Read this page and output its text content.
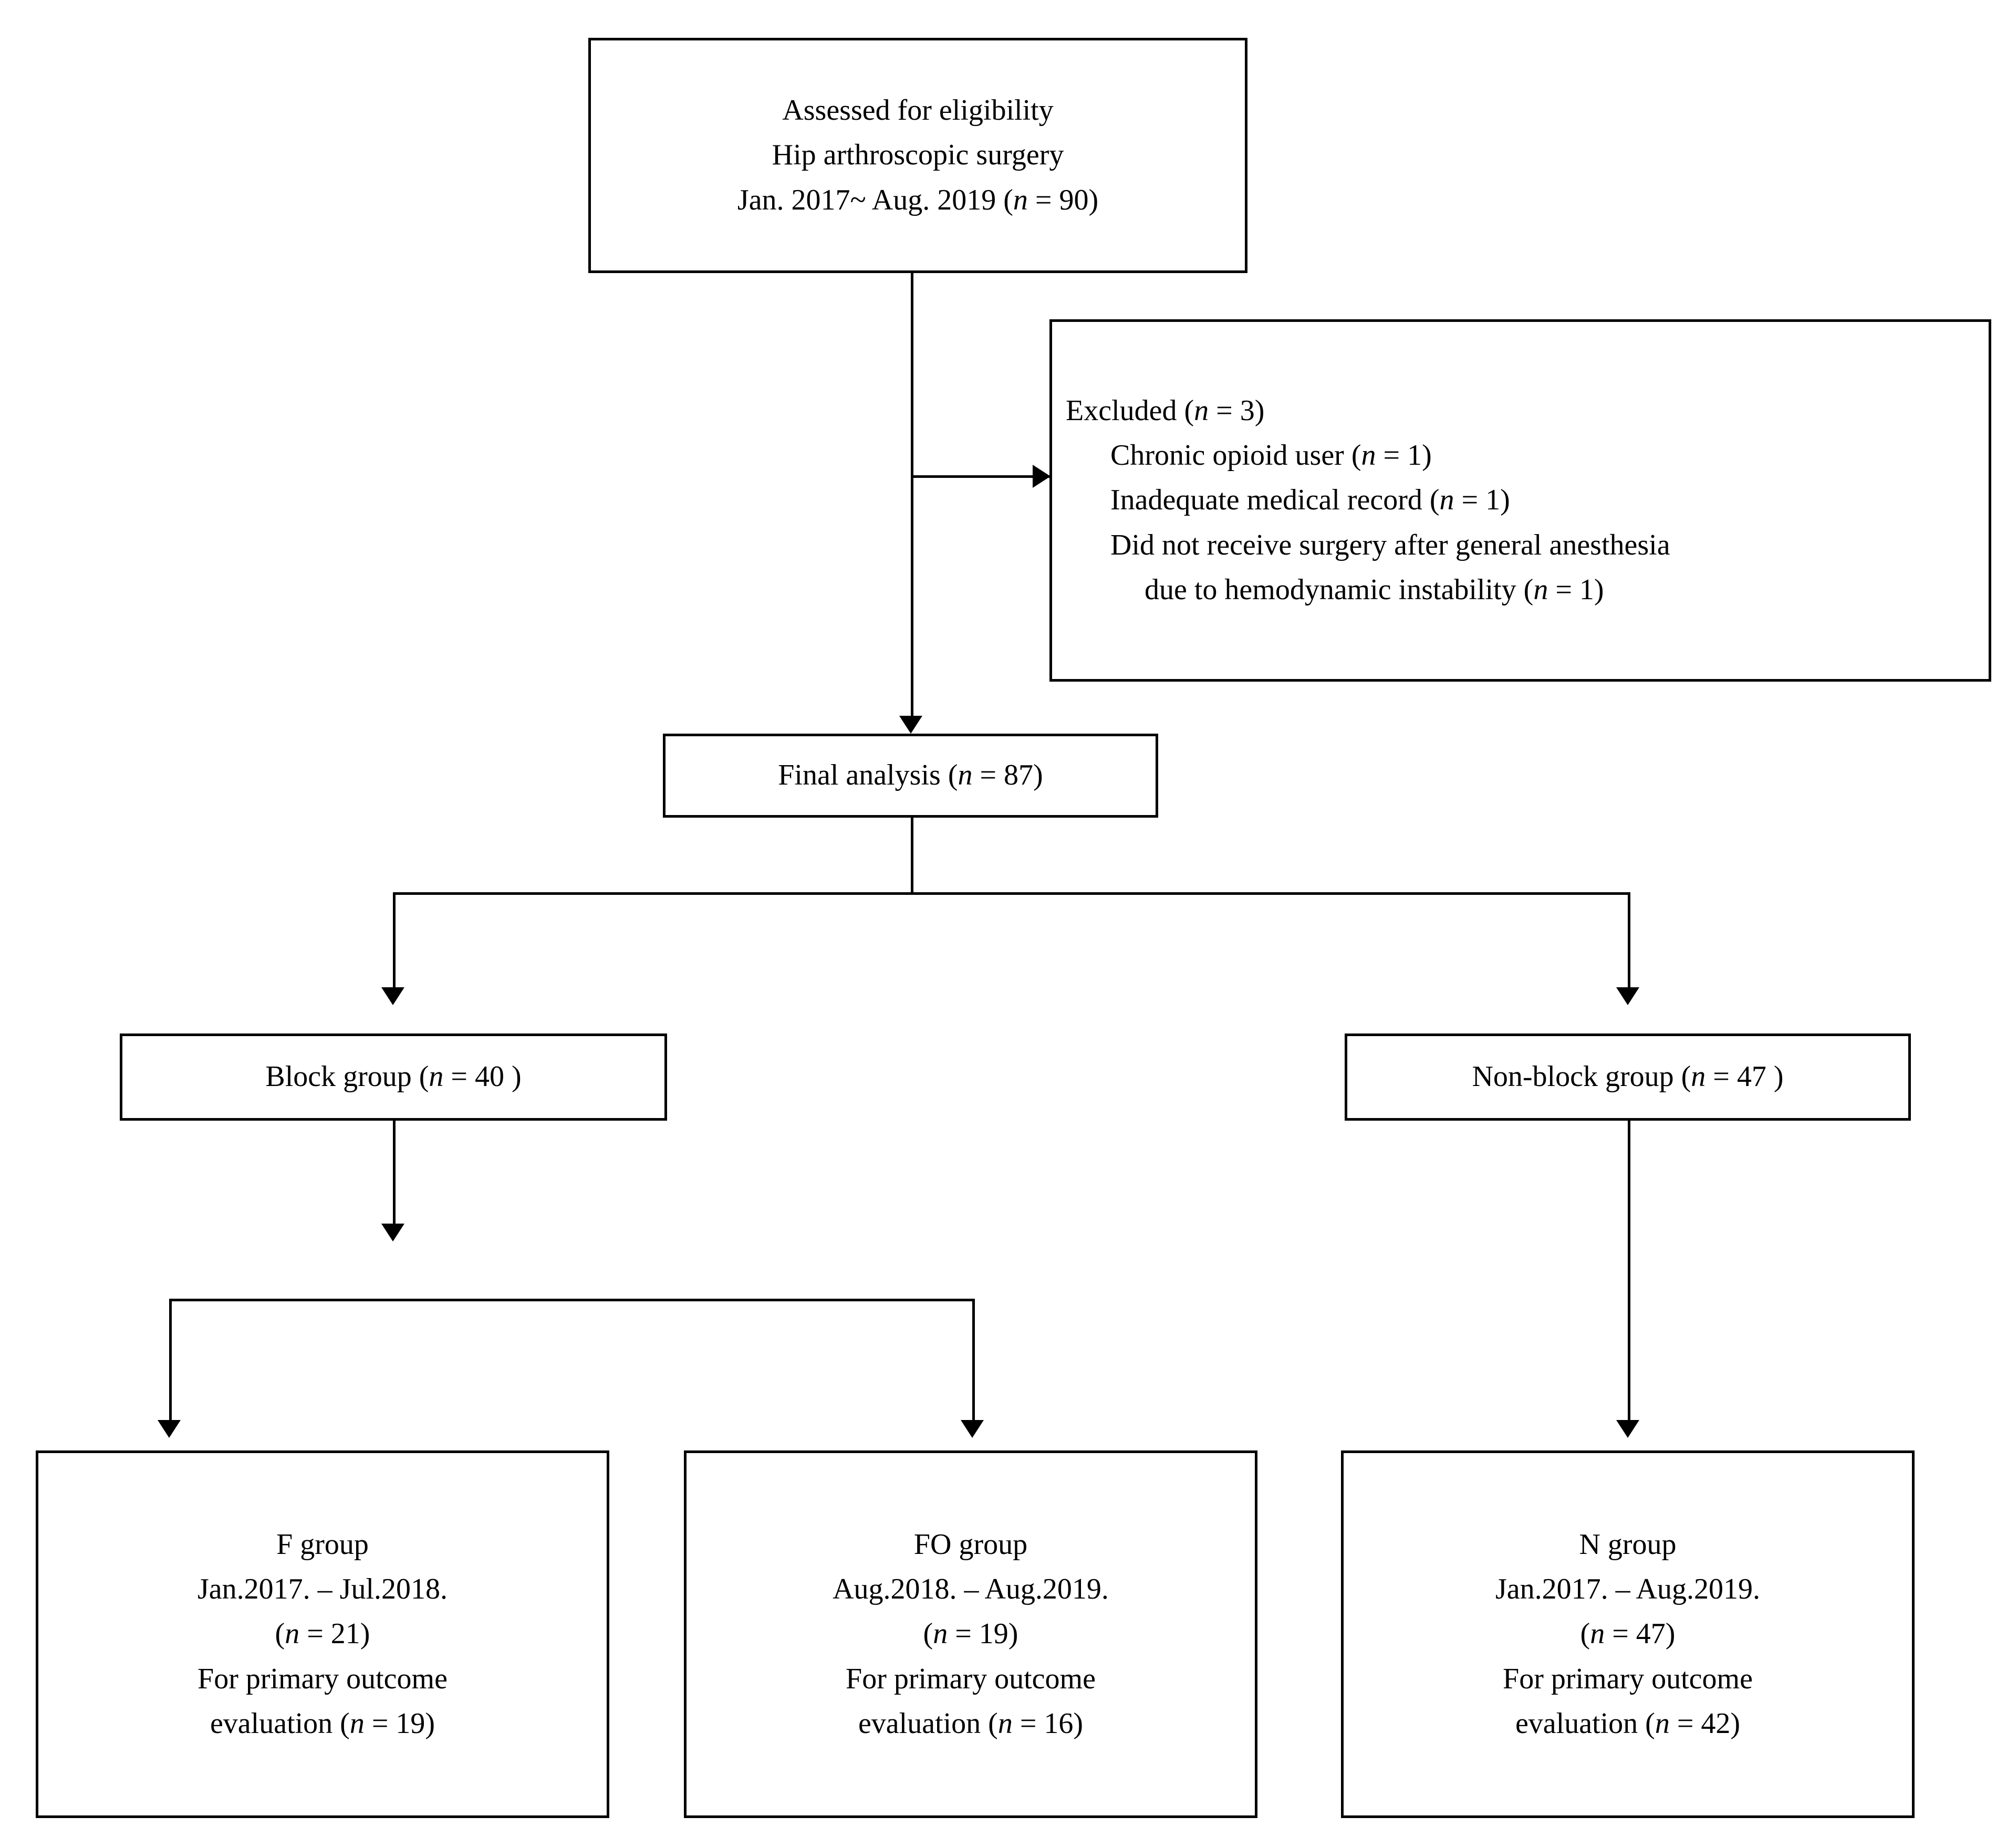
Assessed for eligibility
Hip arthroscopic surgery
Jan. 2017~ Aug. 2019 (n = 90)
Excluded (n = 3)
Chronic opioid user (n = 1)
Inadequate medical record (n = 1)
Did not receive surgery after general anesthesia
due to hemodynamic instability (n = 1)
Final analysis (n = 87)
Block group (n = 40 )	Non-block group (n = 47 )
F group
Jan.2017. – Jul.2018.
(n = 21)
For primary outcome
evaluation (n = 19)
FO group
Aug.2018. – Aug.2019.
(n = 19)
For primary outcome
evaluation (n = 16)
N group
Jan.2017. – Aug.2019.
(n = 47)
For primary outcome
evaluation (n = 42)
